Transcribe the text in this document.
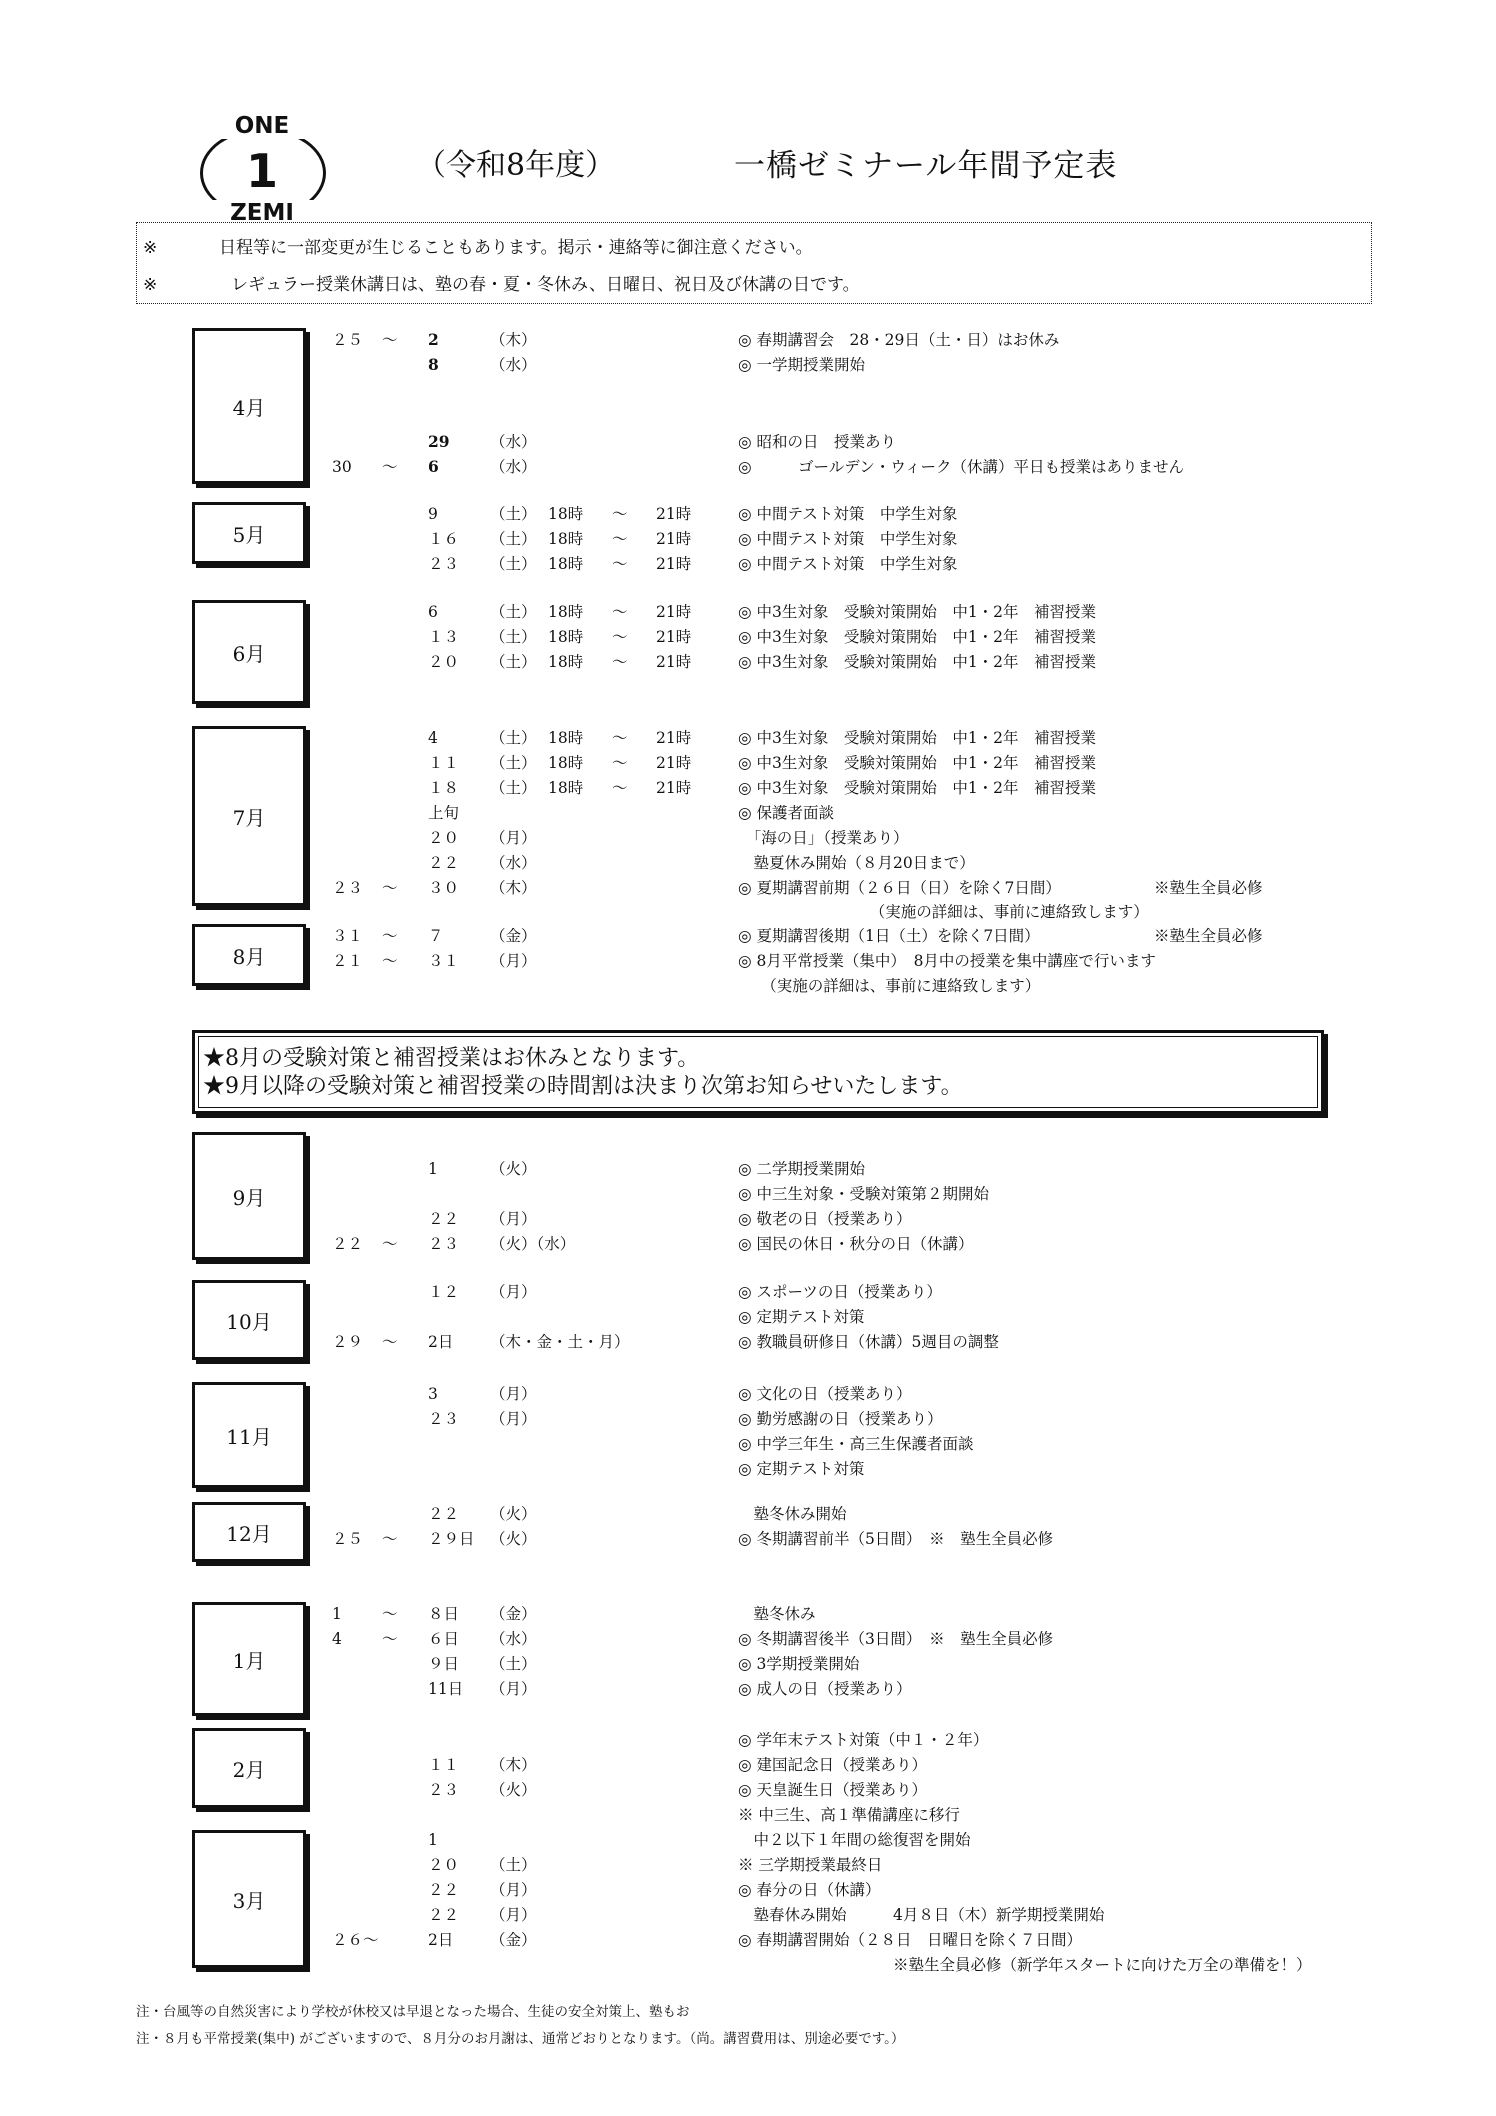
ONE
1
ZEMI
（令和8年度）	一橋ゼミナール年間予定表
※	日程等に一部変更が生じることもあります。掲示・連絡等に御注意ください。
※	レギュラー授業休講日は、塾の春・夏・冬休み、日曜日、祝日及び休講の日です。
4月
２５ ～ 2	（木）	◎ 春期講習会　28・29日（土・日）はお休み
8	（水）	◎ 一学期授業開始
29	（水）	◎ 昭和の日　授業あり
30 ～ 6	（水）	◎　　　ゴールデン・ウィーク（休講）平日も授業はありません
5月
9	（土） 18時 ～ 21時	◎ 中間テスト対策　中学生対象
１６ （土） 18時 ～ 21時	◎ 中間テスト対策　中学生対象
２３ （土） 18時 ～ 21時	◎ 中間テスト対策　中学生対象
6月
6	（土） 18時 ～ 21時	◎ 中3生対象　受験対策開始　中1・2年　補習授業
１３ （土） 18時 ～ 21時	◎ 中3生対象　受験対策開始　中1・2年　補習授業
２０ （土） 18時 ～ 21時	◎ 中3生対象　受験対策開始　中1・2年　補習授業
7月
4	（土） 18時 ～ 21時	◎ 中3生対象　受験対策開始　中1・2年　補習授業
１１ （土） 18時 ～ 21時	◎ 中3生対象　受験対策開始　中1・2年　補習授業
１８ （土） 18時 ～ 21時	◎ 中3生対象　受験対策開始　中1・2年　補習授業
上旬	◎ 保護者面談
２０ （月）	　「海の日」（授業あり）
２２ （水）	　塾夏休み開始（８月20日まで）
２３ ～ ３０ （木）	◎ 夏期講習前期（２６日（日）を除く7日間）	※塾生全員必修
　　　　　　　　　（実施の詳細は、事前に連絡致します）
8月
３１ ～ ７	（金）	◎ 夏期講習後期（1日（土）を除く7日間）	※塾生全員必修
２１ ～ ３１ （月）	◎ 8月平常授業（集中）　8月中の授業を集中講座で行います
　　（実施の詳細は、事前に連絡致します）
9月
1	（火）	◎ 二学期授業開始
◎ 中三生対象・受験対策第２期開始
２２ （月）	◎ 敬老の日（授業あり）
２２ ～ ２３ （火）（水）	◎ 国民の休日・秋分の日（休講）
10月
１２ （月）	◎ スポーツの日（授業あり）
◎ 定期テスト対策
２９ ～ 2日 （木・金・土・月）	◎ 教職員研修日（休講）5週目の調整
11月
3	（月）	◎ 文化の日（授業あり）
２３ （月）	◎ 勤労感謝の日（授業あり）
◎ 中学三年生・高三生保護者面談
◎ 定期テスト対策
12月
２２ （火）	　塾冬休み開始
２５ ～ ２９日 （火）	◎ 冬期講習前半（5日間）　※　塾生全員必修
1月
1	～ ８日 （金）	　塾冬休み
4	～ ６日 （水）	◎ 冬期講習後半（3日間）　※　塾生全員必修
９日 （土）	◎ 3学期授業開始
11日 （月）	◎ 成人の日（授業あり）
2月
◎ 学年末テスト対策（中１・２年）
１１ （木）	◎ 建国記念日（授業あり）
２３ （火）	◎ 天皇誕生日（授業あり）
※ 中三生、高１準備講座に移行
3月
1	　中２以下１年間の総復習を開始
２０ （土）	※ 三学期授業最終日
２２ （月）	◎ 春分の日（休講）
２２ （月）	　塾春休み開始　　　4月８日（木）新学期授業開始
２６～	2日 （金）	◎ 春期講習開始（２８日　日曜日を除く７日間）
　　　　　　　　　　※塾生全員必修（新学年スタートに向けた万全の準備を！）
★8月の受験対策と補習授業はお休みとなります。
★9月以降の受験対策と補習授業の時間割は決まり次第お知らせいたします。
注・台風等の自然災害により学校が休校又は早退となった場合、生徒の安全対策上、塾もお
注・８月も平常授業(集中) がございますので、８月分のお月謝は、通常どおりとなります。（尚。講習費用は、別途必要です。）
